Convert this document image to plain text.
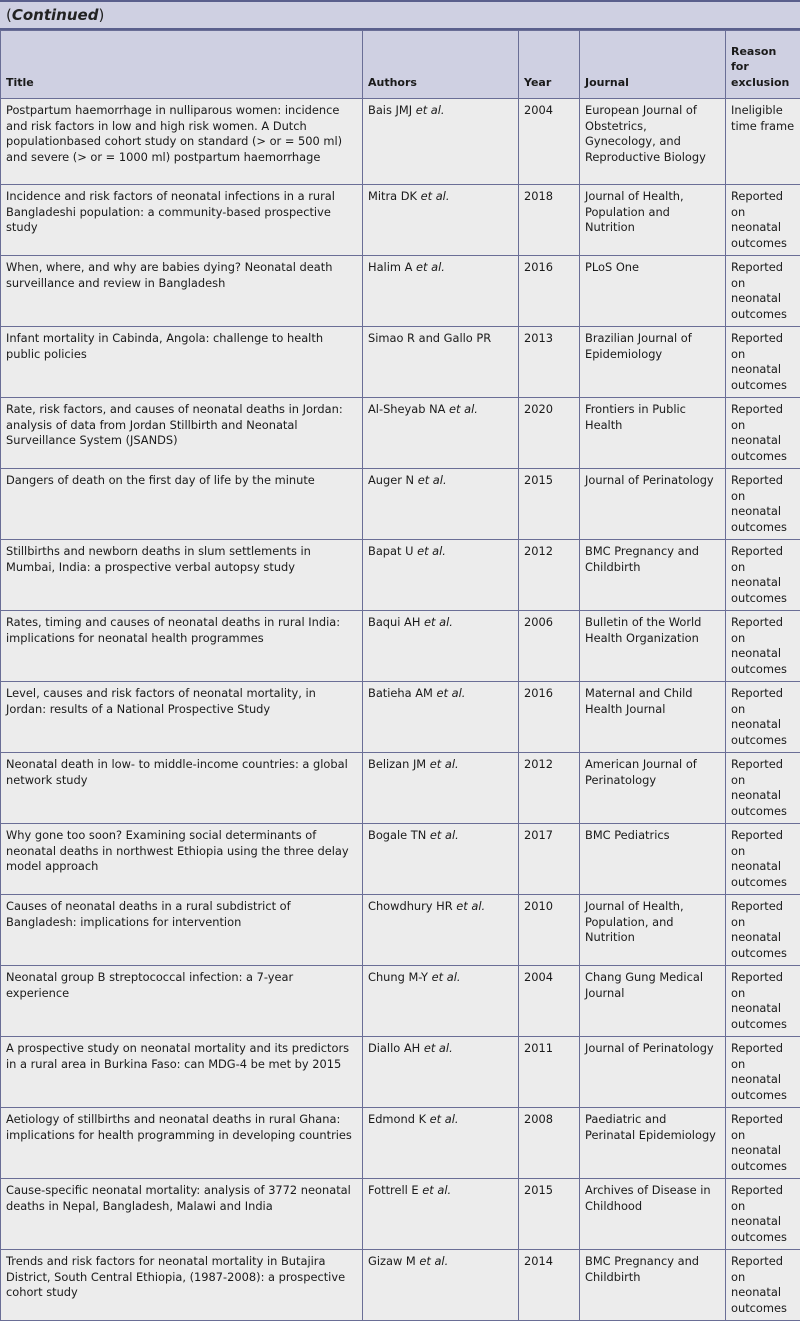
(Continued)
Title	Authors	Year	Journal	Reason for exclusion
Postpartum haemorrhage in nulliparous women: incidence and risk factors in low and high risk women. A Dutch populationbased cohort study on standard (> or = 500 ml) and severe (> or = 1000 ml) postpartum haemorrhage	Bais JMJ et al.	2004	European Journal of Obstetrics, Gynecology, and Reproductive Biology	Ineligible time frame
Incidence and risk factors of neonatal infections in a rural Bangladeshi population: a community-based prospective study	Mitra DK et al.	2018	Journal of Health, Population and Nutrition	Reported on neonatal outcomes
When, where, and why are babies dying? Neonatal death surveillance and review in Bangladesh	Halim A et al.	2016	PLoS One	Reported on neonatal outcomes
Infant mortality in Cabinda, Angola: challenge to health public policies	Simao R and Gallo PR	2013	Brazilian Journal of Epidemiology	Reported on neonatal outcomes
Rate, risk factors, and causes of neonatal deaths in Jordan: analysis of data from Jordan Stillbirth and Neonatal Surveillance System (JSANDS)	Al-Sheyab NA et al.	2020	Frontiers in Public Health	Reported on neonatal outcomes
Dangers of death on the first day of life by the minute	Auger N et al.	2015	Journal of Perinatology	Reported on neonatal outcomes
Stillbirths and newborn deaths in slum settlements in Mumbai, India: a prospective verbal autopsy study	Bapat U et al.	2012	BMC Pregnancy and Childbirth	Reported on neonatal outcomes
Rates, timing and causes of neonatal deaths in rural India: implications for neonatal health programmes	Baqui AH et al.	2006	Bulletin of the World Health Organization	Reported on neonatal outcomes
Level, causes and risk factors of neonatal mortality, in Jordan: results of a National Prospective Study	Batieha AM et al.	2016	Maternal and Child Health Journal	Reported on neonatal outcomes
Neonatal death in low- to middle-income countries: a global network study	Belizan JM et al.	2012	American Journal of Perinatology	Reported on neonatal outcomes
Why gone too soon? Examining social determinants of neonatal deaths in northwest Ethiopia using the three delay model approach	Bogale TN et al.	2017	BMC Pediatrics	Reported on neonatal outcomes
Causes of neonatal deaths in a rural subdistrict of Bangladesh: implications for intervention	Chowdhury HR et al.	2010	Journal of Health, Population, and Nutrition	Reported on neonatal outcomes
Neonatal group B streptococcal infection: a 7-year experience	Chung M-Y et al.	2004	Chang Gung Medical Journal	Reported on neonatal outcomes
A prospective study on neonatal mortality and its predictors in a rural area in Burkina Faso: can MDG-4 be met by 2015	Diallo AH et al.	2011	Journal of Perinatology	Reported on neonatal outcomes
Aetiology of stillbirths and neonatal deaths in rural Ghana: implications for health programming in developing countries	Edmond K et al.	2008	Paediatric and Perinatal Epidemiology	Reported on neonatal outcomes
Cause-specific neonatal mortality: analysis of 3772 neonatal deaths in Nepal, Bangladesh, Malawi and India	Fottrell E et al.	2015	Archives of Disease in Childhood	Reported on neonatal outcomes
Trends and risk factors for neonatal mortality in Butajira District, South Central Ethiopia, (1987-2008): a prospective cohort study	Gizaw M et al.	2014	BMC Pregnancy and Childbirth	Reported on neonatal outcomes
